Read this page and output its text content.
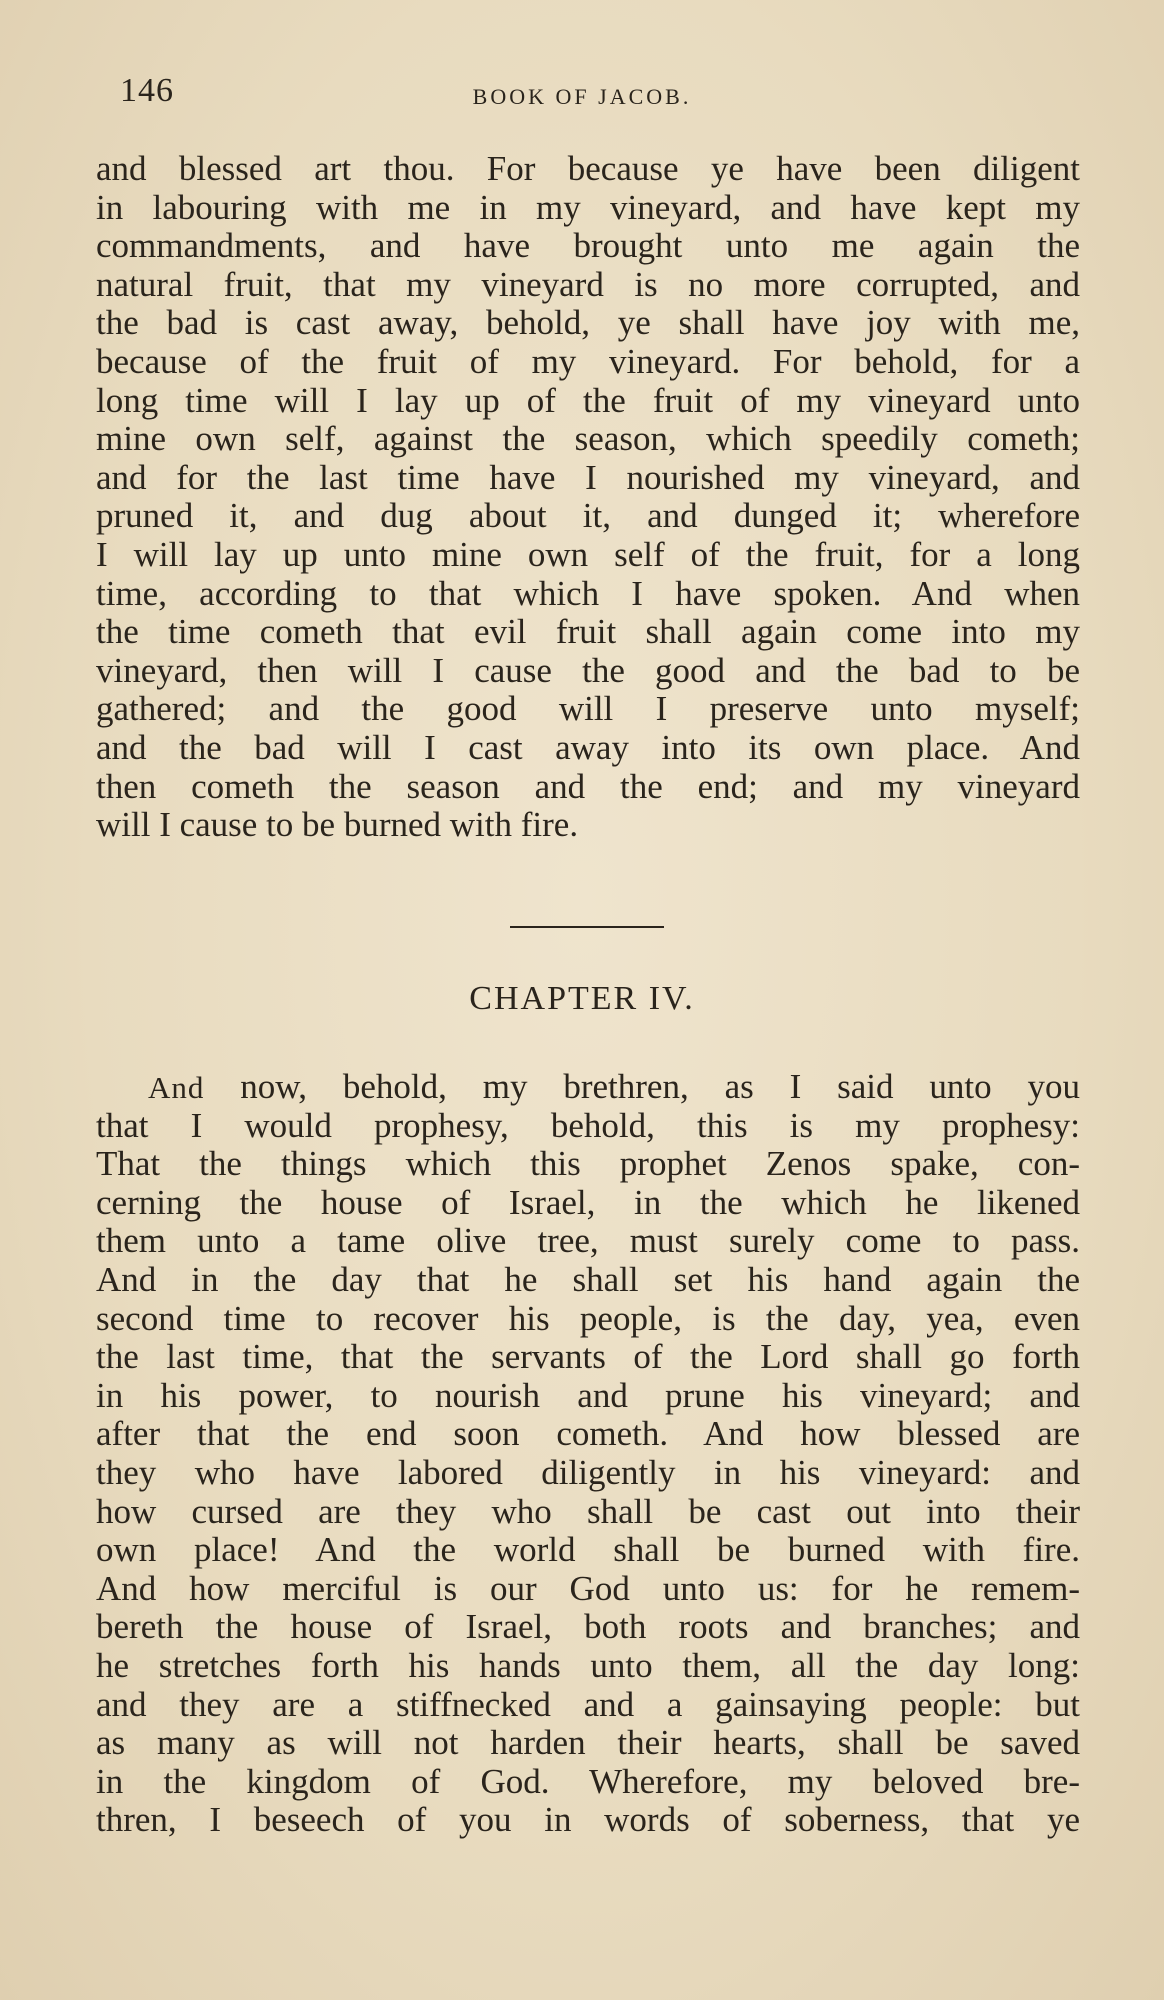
146	BOOK OF JACOB.
and blessed art thou. For because ye have been diligent
in labouring with me in my vineyard, and have kept my
commandments, and have brought unto me again the
natural fruit, that my vineyard is no more corrupted, and
the bad is cast away, behold, ye shall have joy with me,
because of the fruit of my vineyard. For behold, for a
long time will I lay up of the fruit of my vineyard unto
mine own self, against the season, which speedily cometh;
and for the last time have I nourished my vineyard, and
pruned it, and dug about it, and dunged it; wherefore
I will lay up unto mine own self of the fruit, for a long
time, according to that which I have spoken. And when
the time cometh that evil fruit shall again come into my
vineyard, then will I cause the good and the bad to be
gathered; and the good will I preserve unto myself;
and the bad will I cast away into its own place. And
then cometh the season and the end; and my vineyard
will I cause to be burned with fire.
CHAPTER IV.
And now, behold, my brethren, as I said unto you
that I would prophesy, behold, this is my prophesy:
That the things which this prophet Zenos spake, con-
cerning the house of Israel, in the which he likened
them unto a tame olive tree, must surely come to pass.
And in the day that he shall set his hand again the
second time to recover his people, is the day, yea, even
the last time, that the servants of the Lord shall go forth
in his power, to nourish and prune his vineyard; and
after that the end soon cometh. And how blessed are
they who have labored diligently in his vineyard: and
how cursed are they who shall be cast out into their
own place! And the world shall be burned with fire.
And how merciful is our God unto us: for he remem-
bereth the house of Israel, both roots and branches; and
he stretches forth his hands unto them, all the day long:
and they are a stiffnecked and a gainsaying people: but
as many as will not harden their hearts, shall be saved
in the kingdom of God. Wherefore, my beloved bre-
thren, I beseech of you in words of soberness, that ye
